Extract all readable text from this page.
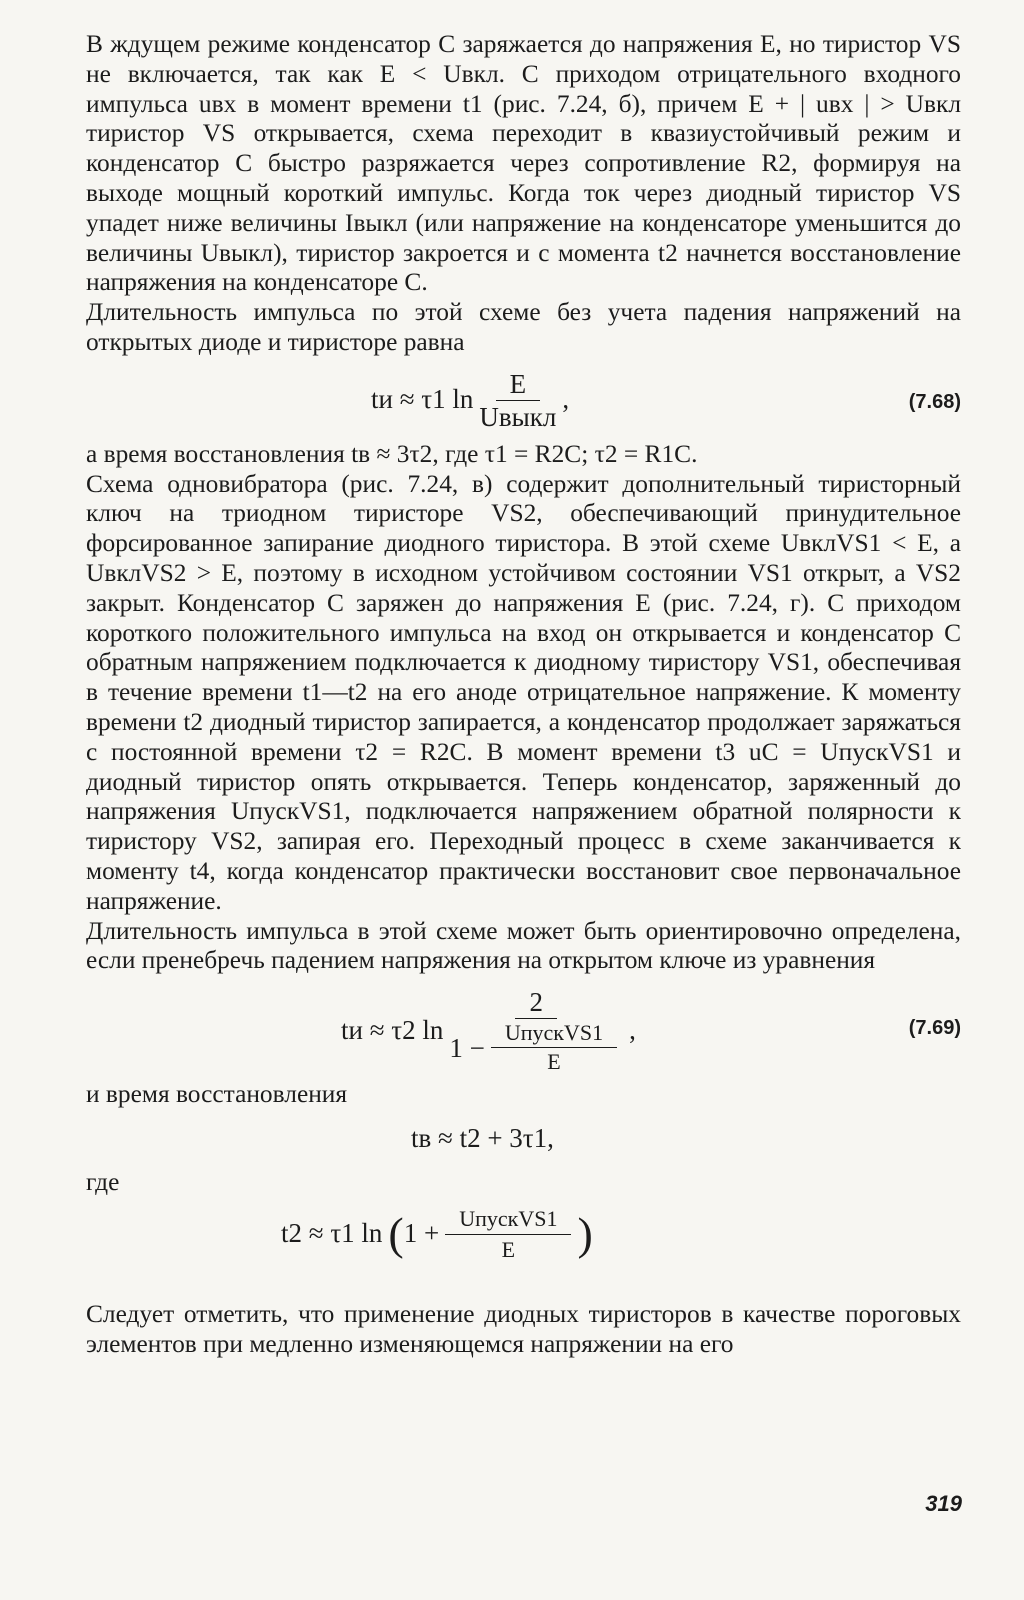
В ждущем режиме конденсатор C заряжается до напряжения E, но тиристор VS не включается, так как E < Uвкл. С приходом отрицательного входного импульса uвх в момент времени t1 (рис. 7.24, б), причем E + | uвх | > Uвкл тиристор VS открывается, схема переходит в квазиустойчивый режим и конденсатор C быстро разряжается через сопротивление R2, формируя на выходе мощный короткий импульс. Когда ток через диодный тиристор VS упадет ниже величины Iвыкл (или напряжение на конденсаторе уменьшится до величины Uвыкл), тиристор закроется и с момента t2 начнется восстановление напряжения на конденсаторе C.

Длительность импульса по этой схеме без учета падения напряжений на открытых диоде и тиристоре равна

tи ≈ τ1 $\ln \frac{E}{\text{Uвыкл}}$ ,	(7.68)

а время восстановления tв ≈ 3τ2, где τ1 = R2C; τ2 = R1C.

Схема одновибратора (рис. 7.24, в) содержит дополнительный тиристорный ключ на триодном тиристоре VS2, обеспечивающий принудительное форсированное запирание диодного тиристора. В этой схеме UвклVS1 < E, а UвклVS2 > E, поэтому в исходном устойчивом состоянии VS1 открыт, а VS2 закрыт. Конденсатор C заряжен до напряжения E (рис. 7.24, г). С приходом короткого положительного импульса на вход он открывается и конденсатор C обратным напряжением подключается к диодному тиристору VS1, обеспечивая в течение времени t1—t2 на его аноде отрицательное напряжение. К моменту времени t2 диодный тиристор запирается, а конденсатор продолжает заряжаться с постоянной времени τ2 = R2C. В момент времени t3 uC = UпускVS1 и диодный тиристор опять открывается. Теперь конденсатор, заряженный до напряжения UпускVS1, подключается напряжением обратной полярности к тиристору VS2, запирая его. Переходный процесс в схеме заканчивается к моменту t4, когда конденсатор практически восстановит свое первоначальное напряжение.

Длительность импульса в этой схеме может быть ориентировочно определена, если пренебречь падением напряжения на открытом ключе из уравнения

tи ≈ τ2 $\ln \frac{2}{1 - \frac{\text{UпускVS1}}{E}}$ ,	(7.69)

и время восстановления

tв ≈ t2 + 3τ1,

где

t2 ≈ τ1 ln ( $1 + \frac{\text{UпускVS1}}{E}$ )

Следует отметить, что применение диодных тиристоров в качестве пороговых элементов при медленно изменяющемся напряжении на его

319
